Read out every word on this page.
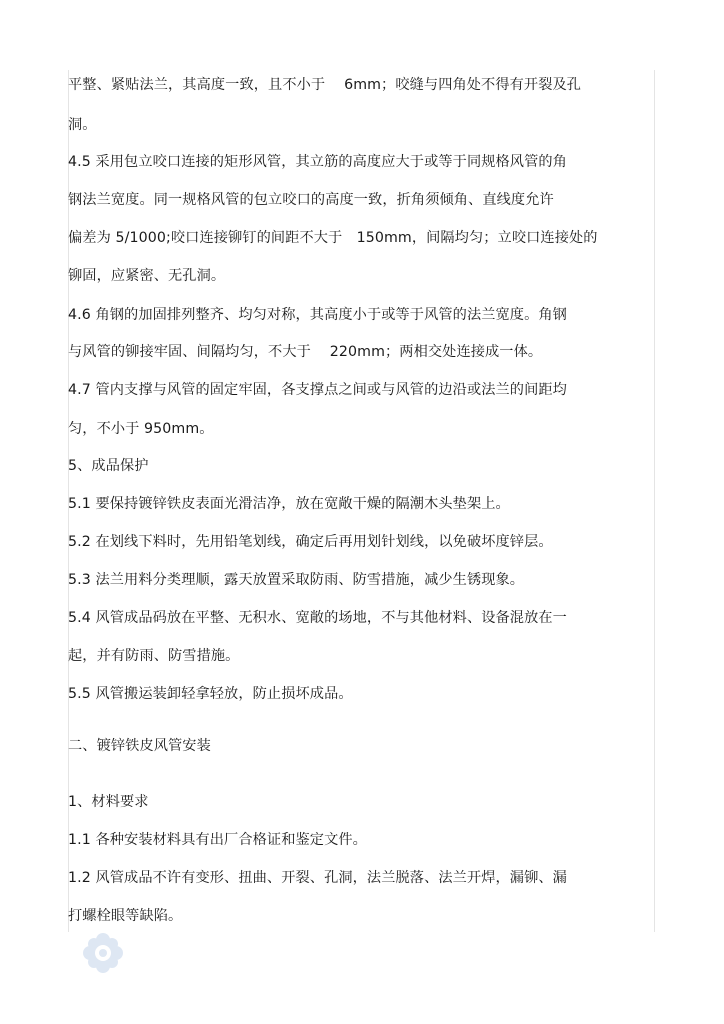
平整、紧贴法兰，其高度一致，且不小于　 6mm；咬缝与四角处不得有开裂及孔
洞。
4.5 采用包立咬口连接的矩形风管，其立筋的高度应大于或等于同规格风管的角
钢法兰宽度。同一规格风管的包立咬口的高度一致，折角须倾角、直线度允许
偏差为 5/1000;咬口连接铆钉的间距不大于　150mm，间隔均匀；立咬口连接处的
铆固，应紧密、无孔洞。
4.6 角钢的加固排列整齐、均匀对称，其高度小于或等于风管的法兰宽度。角钢
与风管的铆接牢固、间隔均匀，不大于　 220mm；两相交处连接成一体。
4.7 管内支撑与风管的固定牢固，各支撑点之间或与风管的边沿或法兰的间距均
匀，不小于 950mm。
5、成品保护
5.1 要保持镀锌铁皮表面光滑洁净，放在宽敞干燥的隔潮木头垫架上。
5.2 在划线下料时，先用铅笔划线，确定后再用划针划线，以免破坏度锌层。
5.3 法兰用料分类理顺，露天放置采取防雨、防雪措施，减少生锈现象。
5.4 风管成品码放在平整、无积水、宽敞的场地，不与其他材料、设备混放在一
起，并有防雨、防雪措施。
5.5 风管搬运装卸轻拿轻放，防止损坏成品。
二、镀锌铁皮风管安装
1、材料要求
1.1 各种安装材料具有出厂合格证和鉴定文件。
1.2 风管成品不许有变形、扭曲、开裂、孔洞，法兰脱落、法兰开焊，漏铆、漏
打螺栓眼等缺陷。
